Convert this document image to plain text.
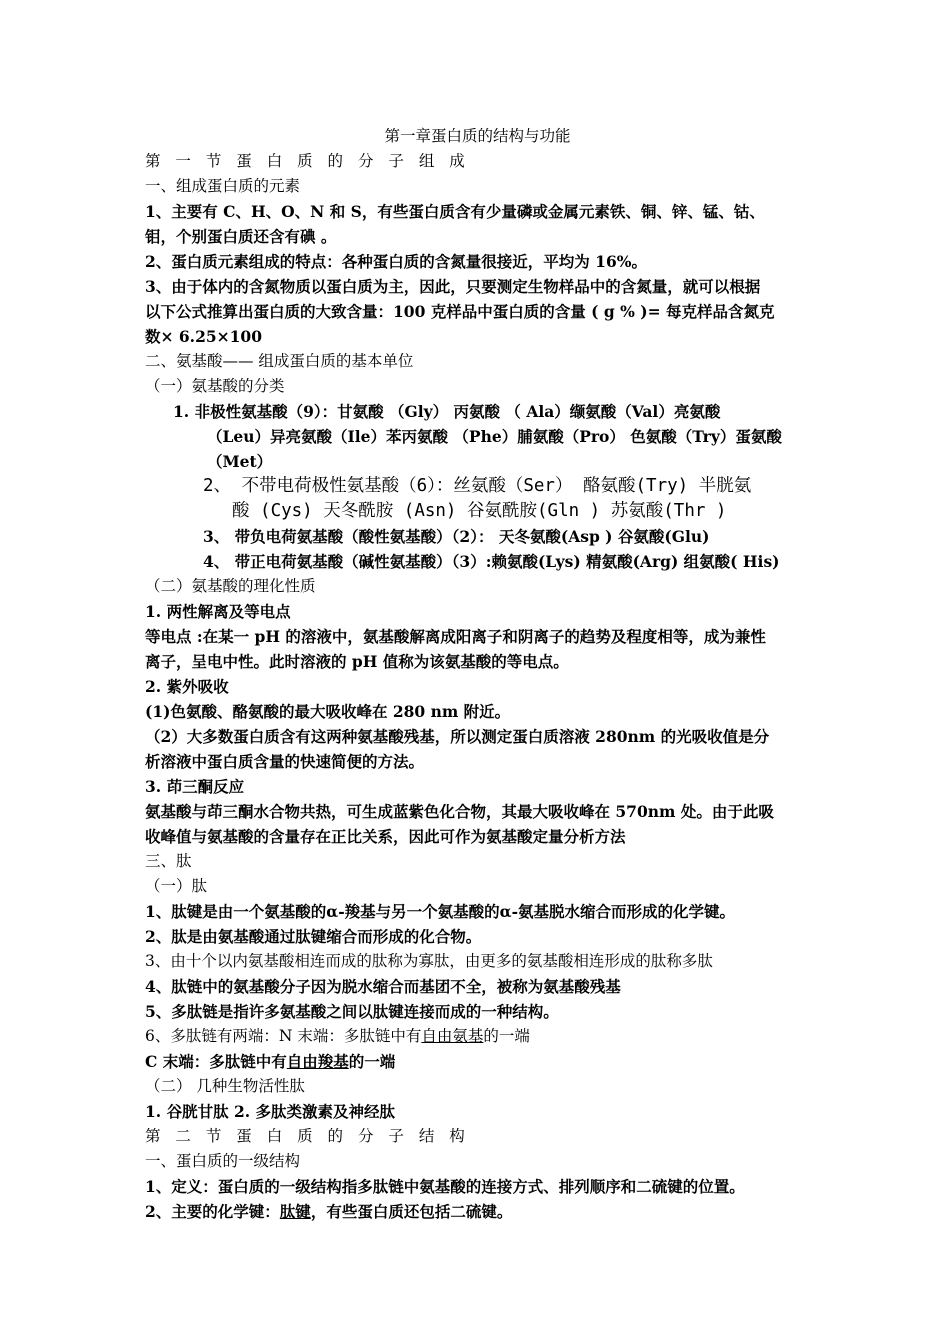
第一章蛋白质的结构与功能
第 一 节 蛋 白 质 的 分 子 组 成
一、组成蛋白质的元素
1、主要有 C、H、O、N 和 S，有些蛋白质含有少量磷或金属元素铁、铜、锌、锰、钴、
钼，个别蛋白质还含有碘 。
2、蛋白质元素组成的特点：各种蛋白质的含氮量很接近，平均为 16%。
3、由于体内的含氮物质以蛋白质为主，因此，只要测定生物样品中的含氮量，就可以根据
以下公式推算出蛋白质的大致含量：100 克样品中蛋白质的含量 ( g % )= 每克样品含氮克
数× 6.25×100
二、氨基酸—— 组成蛋白质的基本单位
（一）氨基酸的分类
1. 非极性氨基酸（9）：甘氨酸 （Gly） 丙氨酸 （ Ala）缬氨酸（Val）亮氨酸
（Leu）异亮氨酸（Ile）苯丙氨酸 （Phe）脯氨酸（Pro） 色氨酸（Try）蛋氨酸
（Met）
2、 不带电荷极性氨基酸（6）：丝氨酸（Ser） 酪氨酸(Try) 半胱氨
酸 (Cys) 天冬酰胺 (Asn) 谷氨酰胺(Gln ) 苏氨酸(Thr )
3、 带负电荷氨基酸（酸性氨基酸）（2）： 天冬氨酸(Asp ) 谷氨酸(Glu)
4、 带正电荷氨基酸（碱性氨基酸）（3）:赖氨酸(Lys) 精氨酸(Arg) 组氨酸( His)
（二）氨基酸的理化性质
1. 两性解离及等电点
等电点 :在某一 pH 的溶液中，氨基酸解离成阳离子和阴离子的趋势及程度相等，成为兼性
离子，呈电中性。此时溶液的 pH 值称为该氨基酸的等电点。
2. 紫外吸收
(1)色氨酸、酪氨酸的最大吸收峰在 280 nm 附近。
（2）大多数蛋白质含有这两种氨基酸残基，所以测定蛋白质溶液 280nm 的光吸收值是分
析溶液中蛋白质含量的快速简便的方法。
3. 茚三酮反应
氨基酸与茚三酮水合物共热，可生成蓝紫色化合物，其最大吸收峰在 570nm 处。由于此吸
收峰值与氨基酸的含量存在正比关系，因此可作为氨基酸定量分析方法
三、肽
（一）肽
1、肽键是由一个氨基酸的α-羧基与另一个氨基酸的α-氨基脱水缩合而形成的化学键。
2、肽是由氨基酸通过肽键缩合而形成的化合物。
3、由十个以内氨基酸相连而成的肽称为寡肽，由更多的氨基酸相连形成的肽称多肽
4、肽链中的氨基酸分子因为脱水缩合而基团不全，被称为氨基酸残基
5、多肽链是指许多氨基酸之间以肽键连接而成的一种结构。
6、多肽链有两端：N 末端：多肽链中有自由氨基的一端
C 末端：多肽链中有自由羧基的一端
（二） 几种生物活性肽
1. 谷胱甘肽 2. 多肽类激素及神经肽
第 二 节 蛋 白 质 的 分 子 结 构
一、蛋白质的一级结构
1、定义：蛋白质的一级结构指多肽链中氨基酸的连接方式、排列顺序和二硫键的位置。
2、主要的化学键：肽键，有些蛋白质还包括二硫键。
